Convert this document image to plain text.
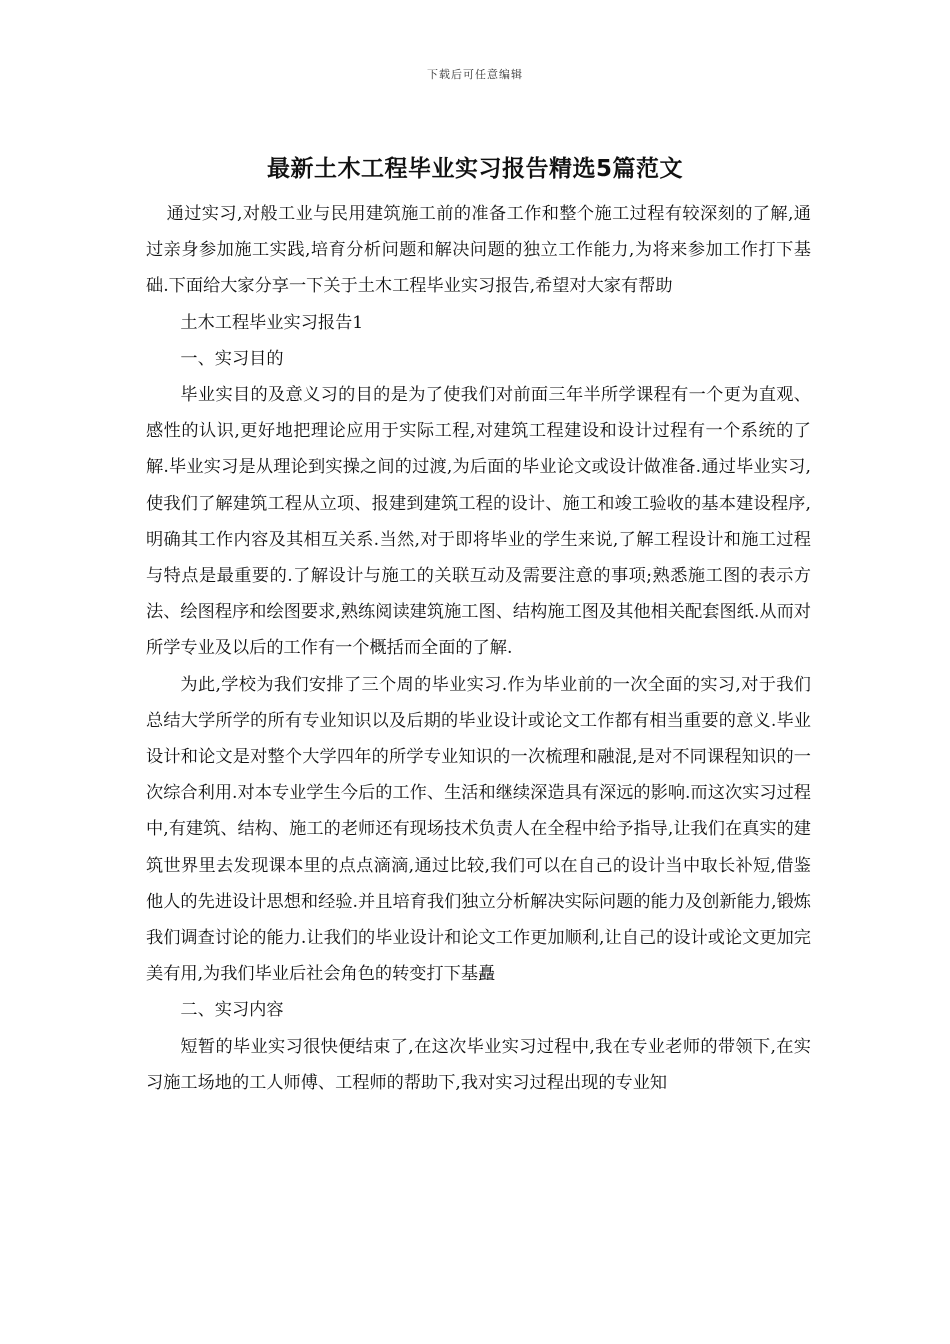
下载后可任意编辑
最新土木工程毕业实习报告精选5篇范文

通过实习,对般工业与民用建筑施工前的准备工作和整个施工过程有较深刻的了解,通过亲身参加施工实践,培育分析问题和解决问题的独立工作能力,为将来参加工作打下基础.下面给大家分享一下关于土木工程毕业实习报告,希望对大家有帮助

土木工程毕业实习报告1

一、实习目的

毕业实目的及意义习的目的是为了使我们对前面三年半所学课程有一个更为直观、感性的认识,更好地把理论应用于实际工程,对建筑工程建设和设计过程有一个系统的了解.毕业实习是从理论到实操之间的过渡,为后面的毕业论文或设计做准备.通过毕业实习,使我们了解建筑工程从立项、报建到建筑工程的设计、施工和竣工验收的基本建设程序,明确其工作内容及其相互关系.当然,对于即将毕业的学生来说,了解工程设计和施工过程与特点是最重要的.了解设计与施工的关联互动及需要注意的事项;熟悉施工图的表示方法、绘图程序和绘图要求,熟练阅读建筑施工图、结构施工图及其他相关配套图纸.从而对所学专业及以后的工作有一个概括而全面的了解.

为此,学校为我们安排了三个周的毕业实习.作为毕业前的一次全面的实习,对于我们总结大学所学的所有专业知识以及后期的毕业设计或论文工作都有相当重要的意义.毕业设计和论文是对整个大学四年的所学专业知识的一次梳理和融混,是对不同课程知识的一次综合利用.对本专业学生今后的工作、生活和继续深造具有深远的影响.而这次实习过程中,有建筑、结构、施工的老师还有现场技术负责人在全程中给予指导,让我们在真实的建筑世界里去发现课本里的点点滴滴,通过比较,我们可以在自己的设计当中取长补短,借鉴他人的先进设计思想和经验.并且培育我们独立分析解决实际问题的能力及创新能力,锻炼我们调查讨论的能力.让我们的毕业设计和论文工作更加顺利,让自己的设计或论文更加完美有用,为我们毕业后社会角色的转变打下基矗

二、实习内容

短暂的毕业实习很快便结束了,在这次毕业实习过程中,我在专业老师的带领下,在实习施工场地的工人师傅、工程师的帮助下,我对实习过程出现的专业知
